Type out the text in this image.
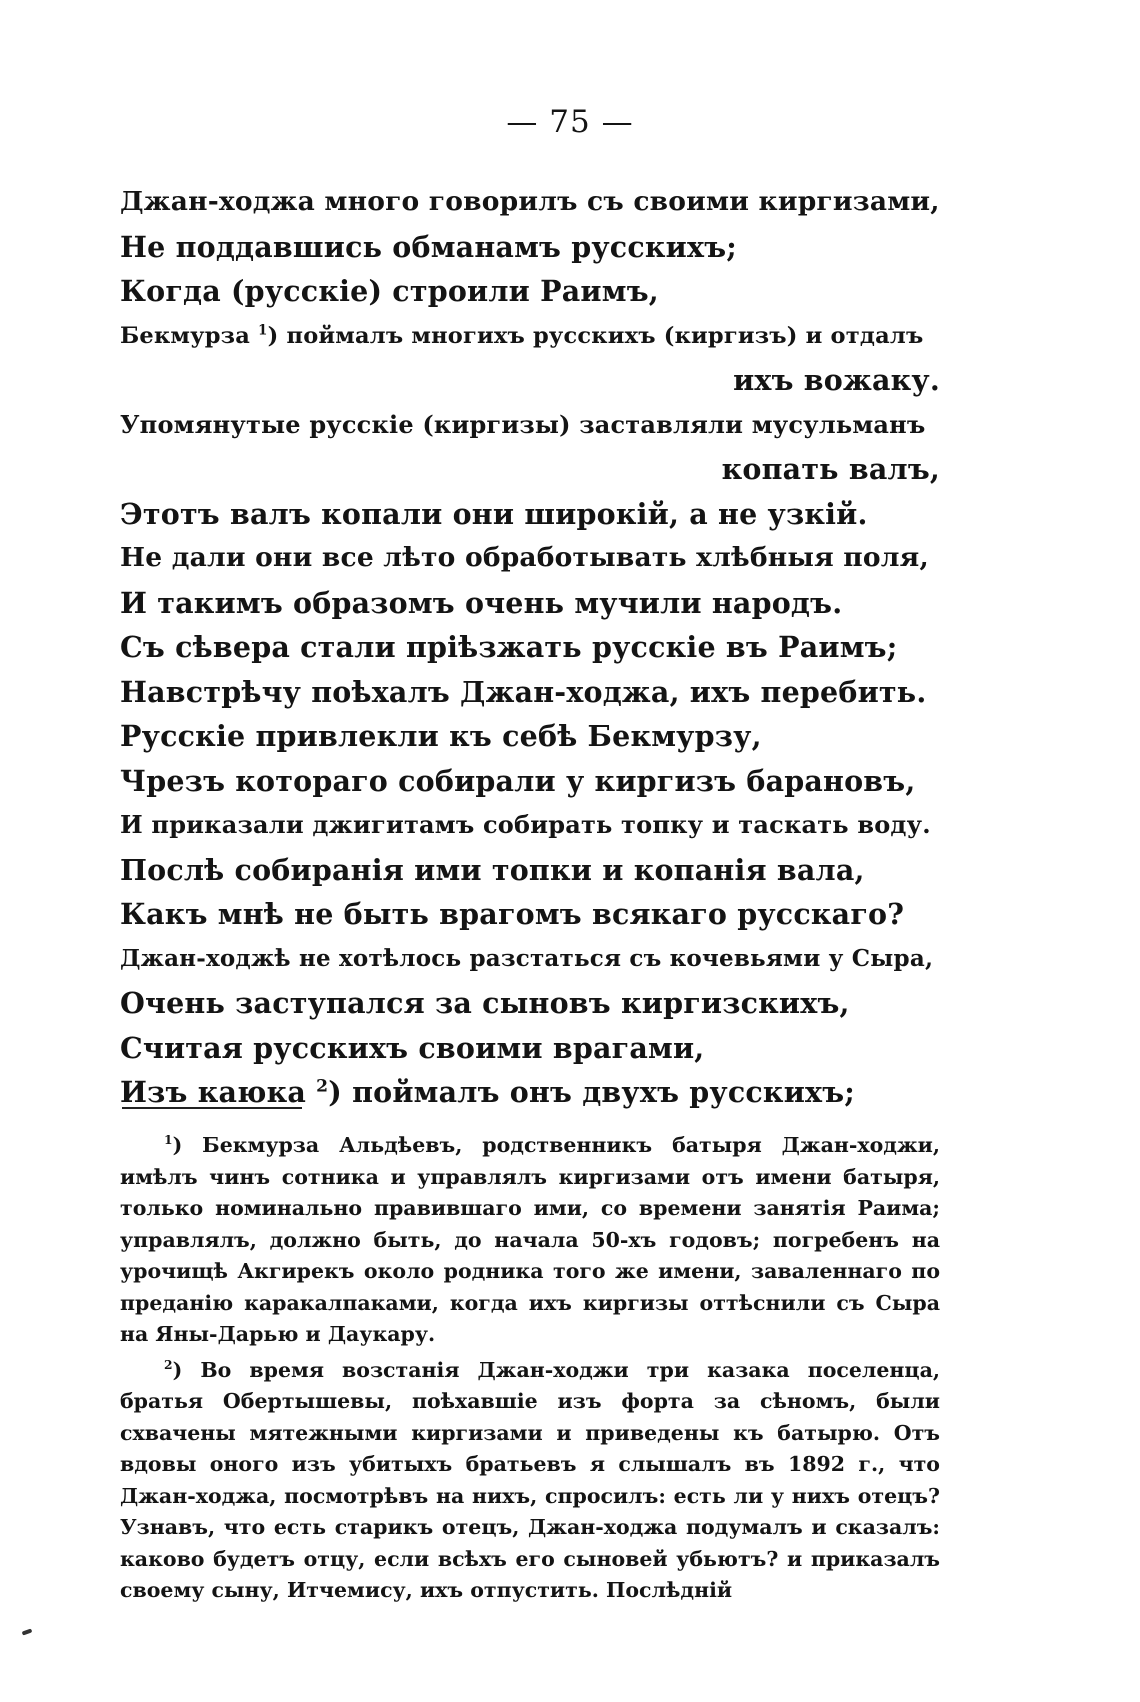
— 75 —
Джан-ходжа много говорилъ съ своими киргизами,
Не поддавшись обманамъ русскихъ;
Когда (русскіе) строили Раимъ,
Бекмурза $^1$) поймалъ многихъ русскихъ (киргизъ) и отдалъ
ихъ вожаку.
Упомянутые русскіе (киргизы) заставляли мусульманъ
копать валъ,
Этотъ валъ копали они широкій, а не узкій.
Не дали они все лѣто обработывать хлѣбныя поля,
И такимъ образомъ очень мучили народъ.
Съ сѣвера стали пріѣзжать русскіе въ Раимъ;
Навстрѣчу поѣхалъ Джан-ходжа, ихъ перебить.
Русскіе привлекли къ себѣ Бекмурзу,
Чрезъ котораго собирали у киргизъ барановъ,
И приказали джигитамъ собирать топку и таскать воду.
Послѣ собиранія ими топки и копанія вала,
Какъ мнѣ не быть врагомъ всякаго русскаго?
Джан-ходжѣ не хотѣлось разстаться съ кочевьями у Сыра,
Очень заступался за сыновъ киргизскихъ,
Считая русскихъ своими врагами,
Изъ каюка $^2$) поймалъ онъ двухъ русскихъ;

$^1$) Бекмурза Альдѣевъ, родственникъ батыря Джан-ходжи, имѣлъ чинъ сотника и управлялъ киргизами отъ имени батыря, только номинально правившаго ими, со времени занятія Раима; управлялъ, должно быть, до начала 50-хъ годовъ; погребенъ на урочищѣ Акгирекъ около родника того же имени, заваленнаго по преданію каракалпаками, когда ихъ киргизы оттѣснили съ Сыра на Яны-Дарью и Даукару.

$^2$) Во время возстанія Джан-ходжи три казака поселенца, братья Обертышевы, поѣхавшіе изъ форта за сѣномъ, были схвачены мятежными киргизами и приведены къ батырю. Отъ вдовы оного изъ убитыхъ братьевъ я слышалъ въ 1892 г., что Джан-ходжа, посмотрѣвъ на нихъ, спросилъ: есть ли у нихъ отецъ? Узнавъ, что есть старикъ отецъ, Джан-ходжа подумалъ и сказалъ: каково будетъ отцу, если всѣхъ его сыновей убьютъ? и приказалъ своему сыну, Итчемису, ихъ отпустить. Послѣдній
